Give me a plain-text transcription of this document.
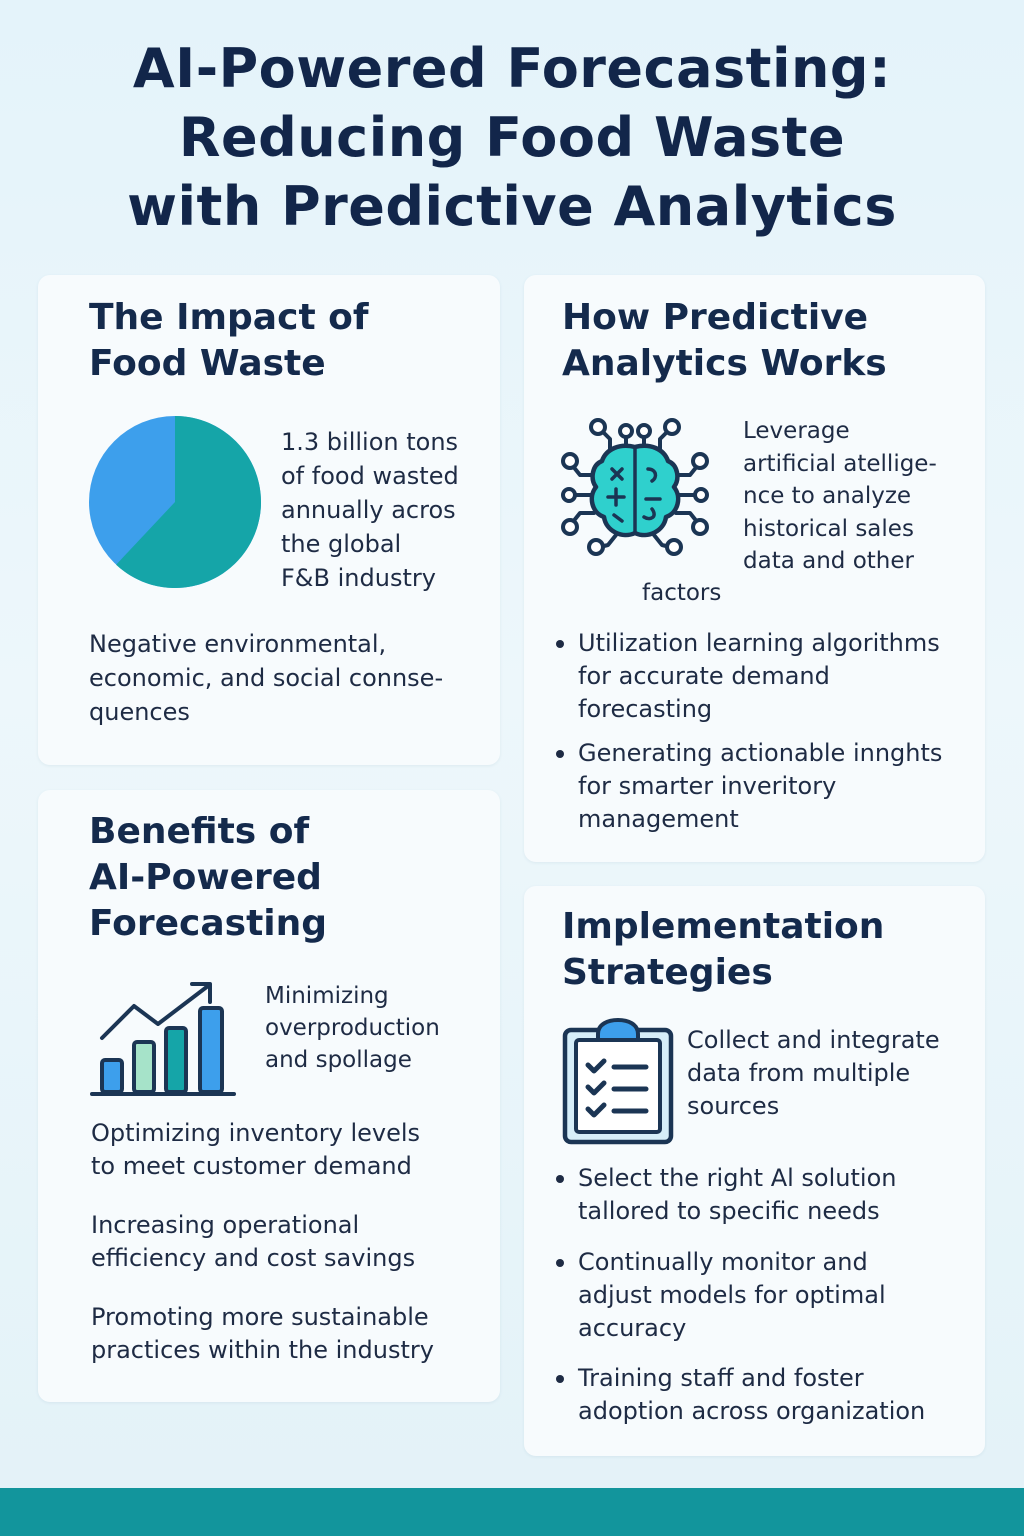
AI-Powered Forecasting:
Reducing Food Waste
with Predictive Analytics
The Impact of
Food Waste
1.3 billion tons
of food wasted
annually acros
the global
F&B industry
Negative environmental,
economic, and social connse-
quences
How Predictive
Analytics Works
Leverage
artificial atellige-
nce to analyze
historical sales
data and other
factors
Utilization learning algorithms
for accurate demand
forecasting
Generating actionable innghts
for smarter inveritory
management
Benefits of
AI-Powered
Forecasting
Minimizing
overproduction
and spollage
Optimizing inventory levels
to meet customer demand
Increasing operational
efficiency and cost savings
Promoting more sustainable
practices within the industry
Implementation
Strategies
Collect and integrate
data from multiple
sources
Select the right Al solution
tallored to specific needs
Continually monitor and
adjust models for optimal
accuracy
Training staff and foster
adoption across organization
